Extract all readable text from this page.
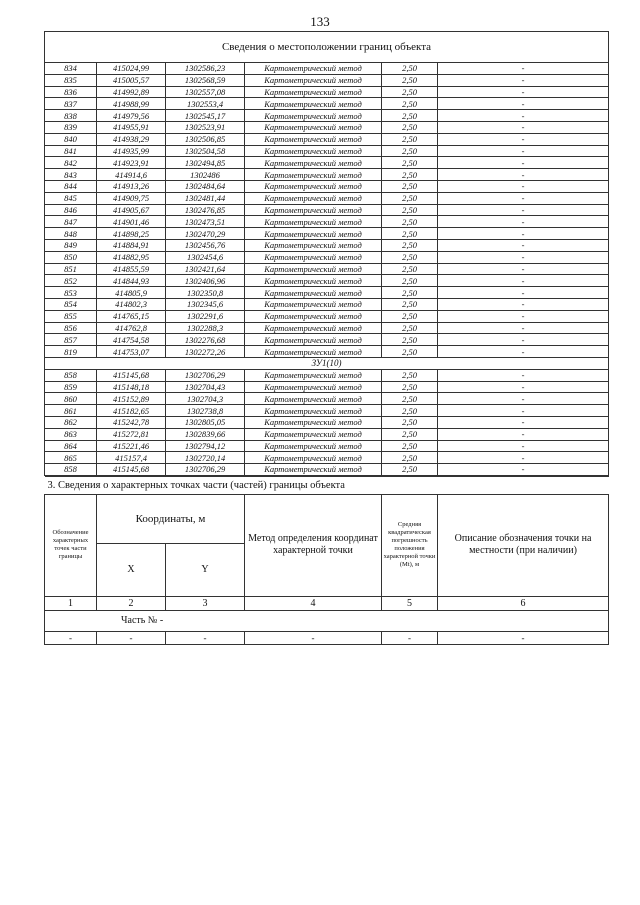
133
Сведения о местоположении границ объекта					
834	415024,99	1302586,23	Картометрический метод	2,50	-
835	415005,57	1302568,59	Картометрический метод	2,50	-
836	414992,89	1302557,08	Картометрический метод	2,50	-
837	414988,99	1302553,4	Картометрический метод	2,50	-
838	414979,56	1302545,17	Картометрический метод	2,50	-
839	414955,91	1302523,91	Картометрический метод	2,50	-
840	414938,29	1302506,85	Картометрический метод	2,50	-
841	414935,99	1302504,58	Картометрический метод	2,50	-
842	414923,91	1302494,85	Картометрический метод	2,50	-
843	414914,6	1302486	Картометрический метод	2,50	-
844	414913,26	1302484,64	Картометрический метод	2,50	-
845	414909,75	1302481,44	Картометрический метод	2,50	-
846	414905,67	1302476,85	Картометрический метод	2,50	-
847	414901,46	1302473,51	Картометрический метод	2,50	-
848	414898,25	1302470,29	Картометрический метод	2,50	-
849	414884,91	1302456,76	Картометрический метод	2,50	-
850	414882,95	1302454,6	Картометрический метод	2,50	-
851	414855,59	1302421,64	Картометрический метод	2,50	-
852	414844,93	1302406,96	Картометрический метод	2,50	-
853	414805,9	1302350,8	Картометрический метод	2,50	-
854	414802,3	1302345,6	Картометрический метод	2,50	-
855	414765,15	1302291,6	Картометрический метод	2,50	-
856	414762,8	1302288,3	Картометрический метод	2,50	-
857	414754,58	1302276,68	Картометрический метод	2,50	-
819	414753,07	1302272,26	Картометрический метод	2,50	-
ЗУ1(10)					
858	415145,68	1302706,29	Картометрический метод	2,50	-
859	415148,18	1302704,43	Картометрический метод	2,50	-
860	415152,89	1302704,3	Картометрический метод	2,50	-
861	415182,65	1302738,8	Картометрический метод	2,50	-
862	415242,78	1302805,05	Картометрический метод	2,50	-
863	415272,81	1302839,66	Картометрический метод	2,50	-
864	415221,46	1302794,12	Картометрический метод	2,50	-
865	415157,4	1302720,14	Картометрический метод	2,50	-
858	415145,68	1302706,29	Картометрический метод	2,50	-
3. Сведения о характерных точках части (частей) границы объекта					
Обозначение характерных точек части границы	Координаты, м		Метод определения координат характерной точки	Средняя квадратическая погрешность положения характерной точки (Mt), м	Описание обозначения точки на местности (при наличии)
	X	Y			
1	2	3	4	5	6
Часть № -					
-	-	-	-	-	-
